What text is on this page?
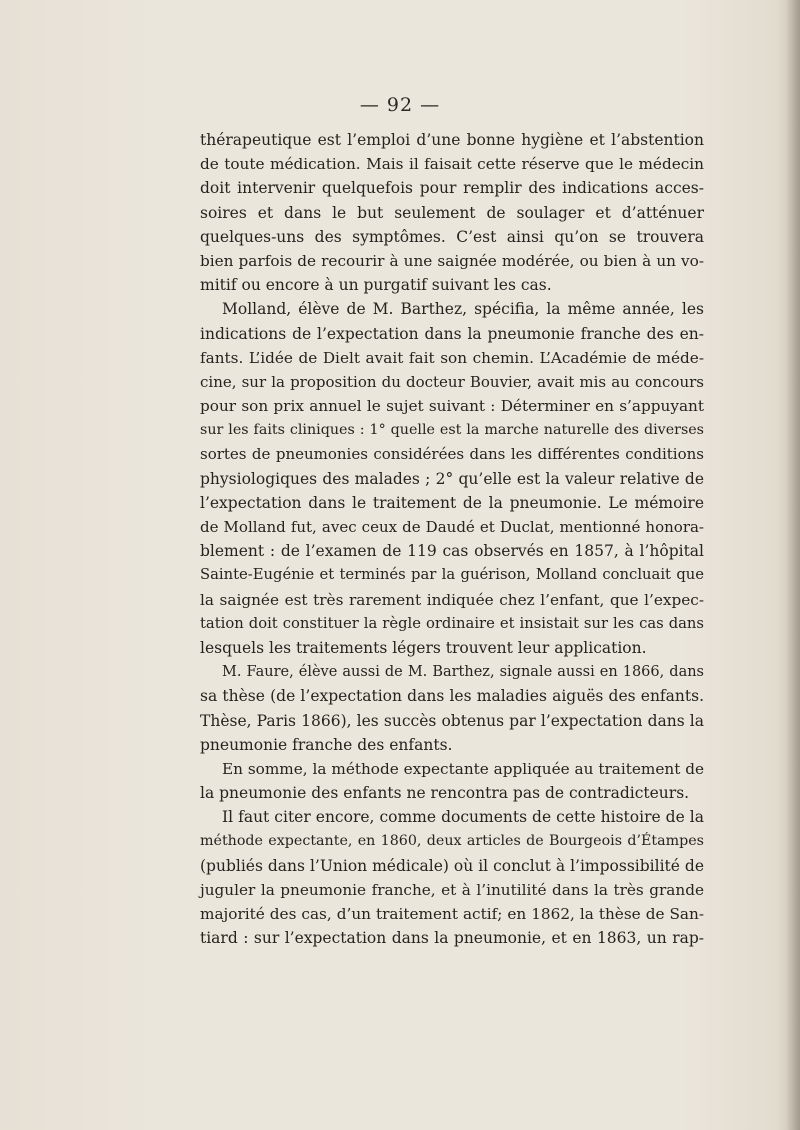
— 92 —
thérapeutique est l’emploi d’une bonne hygiène et l’abstention
de toute médication. Mais il faisait cette réserve que le médecin
doit intervenir quelquefois pour remplir des indications acces-
soires et dans le but seulement de soulager et d’atténuer
quelques-uns des symptômes. C’est ainsi qu’on se trouvera
bien parfois de recourir à une saignée modérée, ou bien à un vo-
mitif ou encore à un purgatif suivant les cas.
Molland, élève de M. Barthez, spécifia, la même année, les
indications de l’expectation dans la pneumonie franche des en-
fants. L’idée de Dielt avait fait son chemin. L’Académie de méde-
cine, sur la proposition du docteur Bouvier, avait mis au concours
pour son prix annuel le sujet suivant : Déterminer en s’appuyant
sur les faits cliniques : 1° quelle est la marche naturelle des diverses
sortes de pneumonies considérées dans les différentes conditions
physiologiques des malades ; 2° qu’elle est la valeur relative de
l’expectation dans le traitement de la pneumonie. Le mémoire
de Molland fut, avec ceux de Daudé et Duclat, mentionné honora-
blement : de l’examen de 119 cas observés en 1857, à l’hôpital
Sainte-Eugénie et terminés par la guérison, Molland concluait que
la saignée est très rarement indiquée chez l’enfant, que l’expec-
tation doit constituer la règle ordinaire et insistait sur les cas dans
lesquels les traitements légers trouvent leur application.
M. Faure, élève aussi de M. Barthez, signale aussi en 1866, dans
sa thèse (de l’expectation dans les maladies aiguës des enfants.
Thèse, Paris 1866), les succès obtenus par l’expectation dans la
pneumonie franche des enfants.
En somme, la méthode expectante appliquée au traitement de
la pneumonie des enfants ne rencontra pas de contradicteurs.
Il faut citer encore, comme documents de cette histoire de la
méthode expectante, en 1860, deux articles de Bourgeois d’Étampes
(publiés dans l’Union médicale) où il conclut à l’impossibilité de
juguler la pneumonie franche, et à l’inutilité dans la très grande
majorité des cas, d’un traitement actif; en 1862, la thèse de San-
tiard : sur l’expectation dans la pneumonie, et en 1863, un rap-
